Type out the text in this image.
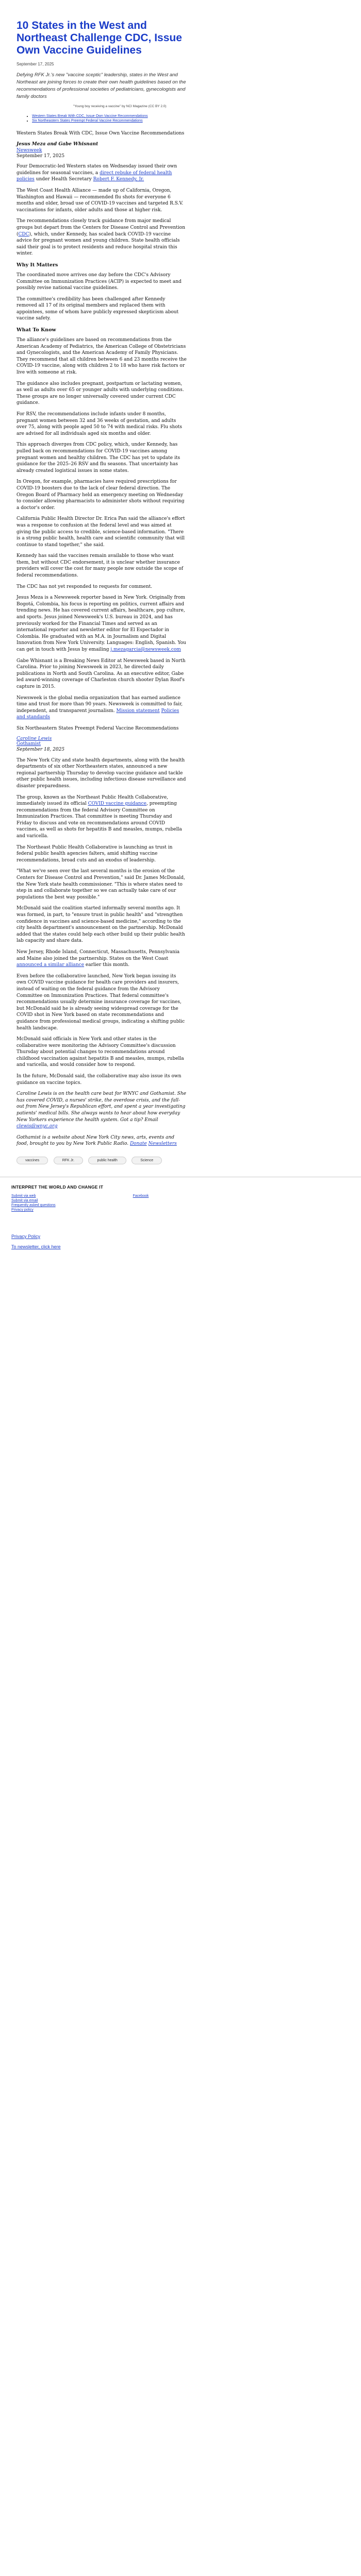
10 States in the West and Northeast Challenge CDC, Issue Own Vaccine Guidelines
September 17, 2025

Defying RFK Jr.'s new "vaccine sceptic" leadership, states in the West and Northeast are joining forces to create their own health guidelines based on the recommendations of professional societies of pediatricians, gynecologists and family doctors

"Young boy receiving a vaccine" by NCI Magazine (CC BY 2.0)
• Western States Break With CDC, Issue Own Vaccine Recommendations
• Six Northeastern States Preempt Federal Vaccine Recommendations

Western States Break With CDC, Issue Own Vaccine Recommendations

Jesus Meza and Gabe Whisnant

Newsweek

September 17, 2025

Four Democratic-led Western states on Wednesday issued their own guidelines for seasonal vaccines, a direct rebuke of federal health policies under Health Secretary Robert F. Kennedy, Jr.

The West Coast Health Alliance — made up of California, Oregon, Washington and Hawaii — recommended flu shots for everyone 6 months and older, broad use of COVID-19 vaccines and targeted R.S.V. vaccinations for infants, older adults and those at higher risk.

The recommendations closely track guidance from major medical groups but depart from the Centers for Disease Control and Prevention (CDC), which, under Kennedy, has scaled back COVID-19 vaccine advice for pregnant women and young children. State health officials said their goal is to protect residents and reduce hospital strain this winter.

Why It Matters

The coordinated move arrives one day before the CDC's Advisory Committee on Immunization Practices (ACIP) is expected to meet and possibly revise national vaccine guidelines.

The committee's credibility has been challenged after Kennedy removed all 17 of its original members and replaced them with appointees, some of whom have publicly expressed skepticism about vaccine safety.

What To Know

The alliance's guidelines are based on recommendations from the American Academy of Pediatrics, the American College of Obstetricians and Gynecologists, and the American Academy of Family Physicians. They recommend that all children between 6 and 23 months receive the COVID-19 vaccine, along with children 2 to 18 who have risk factors or live with someone at risk.

The guidance also includes pregnant, postpartum or lactating women, as well as adults over 65 or younger adults with underlying conditions. These groups are no longer universally covered under current CDC guidance.

For RSV, the recommendations include infants under 8 months, pregnant women between 32 and 36 weeks of gestation, and adults over 75, along with people aged 50 to 74 with medical risks. Flu shots are advised for all individuals aged six months and older.

This approach diverges from CDC policy, which, under Kennedy, has pulled back on recommendations for COVID-19 vaccines among pregnant women and healthy children. The CDC has yet to update its guidance for the 2025–26 RSV and flu seasons. That uncertainty has already created logistical issues in some states.

In Oregon, for example, pharmacies have required prescriptions for COVID-19 boosters due to the lack of clear federal direction. The Oregon Board of Pharmacy held an emergency meeting on Wednesday to consider allowing pharmacists to administer shots without requiring a doctor's order.

California Public Health Director Dr. Erica Pan said the alliance's effort was a response to confusion at the federal level and was aimed at giving the public access to credible, science-based information. "There is a strong public health, health care and scientific community that will continue to stand together," she said.

Kennedy has said the vaccines remain available to those who want them, but without CDC endorsement, it is unclear whether insurance providers will cover the cost for many people now outside the scope of federal recommendations.

The CDC has not yet responded to requests for comment.

Jesus Meza is a Newsweek reporter based in New York. Originally from Bogotá, Colombia, his focus is reporting on politics, current affairs and trending news. He has covered current affairs, healthcare, pop culture, and sports. Jesus joined Newsweek's U.S. bureau in 2024, and has previously worked for the Financial Times and served as an international reporter and newsletter editor for El Espectador in Colombia. He graduated with an M.A. in Journalism and Digital Innovation from New York University. Languages: English, Spanish. You can get in touch with Jesus by emailing j.mezagarcia@newsweek.com

Gabe Whisnant is a Breaking News Editor at Newsweek based in North Carolina. Prior to joining Newsweek in 2023, he directed daily publications in North and South Carolina. As an executive editor, Gabe led award-winning coverage of Charleston church shooter Dylan Roof's capture in 2015.

Newsweek is the global media organization that has earned audience time and trust for more than 90 years. Newsweek is committed to fair, independent, and transparent journalism. Mission statement Policies and standards

Six Northeastern States Preempt Federal Vaccine Recommendations

Caroline Lewis
Gothamist

September 18, 2025

The New York City and state health departments, along with the health departments of six other Northeastern states, announced a new regional partnership Thursday to develop vaccine guidance and tackle other public health issues, including infectious disease surveillance and disaster preparedness.

The group, known as the Northeast Public Health Collaborative, immediately issued its official COVID vaccine guidance, preempting recommendations from the federal Advisory Committee on Immunization Practices. That committee is meeting Thursday and Friday to discuss and vote on recommendations around COVID vaccines, as well as shots for hepatitis B and measles, mumps, rubella and varicella.

The Northeast Public Health Collaborative is launching as trust in federal public health agencies falters, amid shifting vaccine recommendations, broad cuts and an exodus of leadership.

"What we've seen over the last several months is the erosion of the Centers for Disease Control and Prevention," said Dr. James McDonald, the New York state health commissioner. "This is where states need to step in and collaborate together so we can actually take care of our populations the best way possible."

McDonald said the coalition started informally several months ago. It was formed, in part, to "ensure trust in public health" and "strengthen confidence in vaccines and science-based medicine," according to the city health department's announcement on the partnership. McDonald added that the states could help each other build up their public health lab capacity and share data.

New Jersey, Rhode Island, Connecticut, Massachusetts, Pennsylvania and Maine also joined the partnership. States on the West Coast announced a similar alliance earlier this month.

Even before the collaborative launched, New York began issuing its own COVID vaccine guidance for health care providers and insurers, instead of waiting on the federal guidance from the Advisory Committee on Immunization Practices. That federal committee's recommendations usually determine insurance coverage for vaccines, but McDonald said he is already seeing widespread coverage for the COVID shot in New York based on state recommendations and guidance from professional medical groups, indicating a shifting public health landscape.

McDonald said officials in New York and other states in the collaborative were monitoring the Advisory Committee's discussion Thursday about potential changes to recommendations around childhood vaccination against hepatitis B and measles, mumps, rubella and varicella, and would consider how to respond.

In the future, McDonald said, the collaborative may also issue its own guidance on vaccine topics.

Caroline Lewis is on the health care beat for WNYC and Gothamist. She has covered COVID, a nurses' strike, the overdose crisis, and the fall-out from New Jersey's Republican effort, and spent a year investigating patients' medical bills. She always wants to hear about how everyday New Yorkers experience the health system. Got a tip? Email clewis@wnyc.org

Gothamist is a website about New York City news, arts, events and food, brought to you by New York Public Radio. Donate Newsletters

vaccines	RFK Jr.	public health	Science
INTERPRET THE WORLD AND CHANGE IT
Submit via web
Submit via email
Frequently asked questions
Privacy policy
Facebook
Privacy Policy
To newsletter, click here
